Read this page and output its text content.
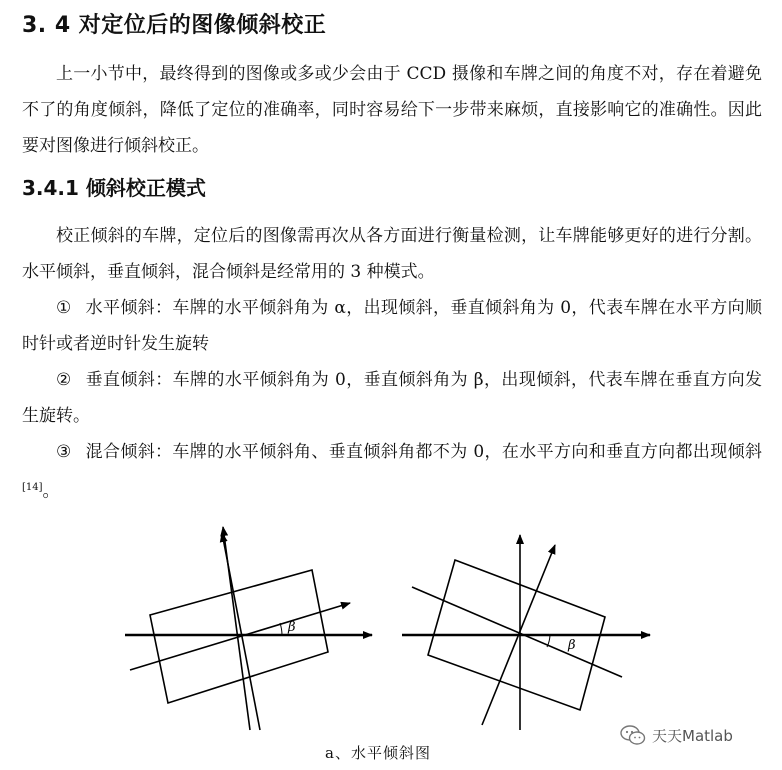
3. 4 对定位后的图像倾斜校正

上一小节中，最终得到的图像或多或少会由于 CCD 摄像和车牌之间的角度不对，存在着避免不了的角度倾斜，降低了定位的准确率，同时容易给下一步带来麻烦，直接影响它的准确性。因此要对图像进行倾斜校正。

3.4.1 倾斜校正模式

校正倾斜的车牌，定位后的图像需再次从各方面进行衡量检测，让车牌能够更好的进行分割。水平倾斜，垂直倾斜，混合倾斜是经常用的 3 种模式。

① 水平倾斜：车牌的水平倾斜角为 α，出现倾斜，垂直倾斜角为 0，代表车牌在水平方向顺时针或者逆时针发生旋转

② 垂直倾斜：车牌的水平倾斜角为 0，垂直倾斜角为 β，出现倾斜，代表车牌在垂直方向发生旋转。

③ 混合倾斜：车牌的水平倾斜角、垂直倾斜角都不为 0，在水平方向和垂直方向都出现倾斜[14]。

β
β
a、水平倾斜图
天天Matlab
